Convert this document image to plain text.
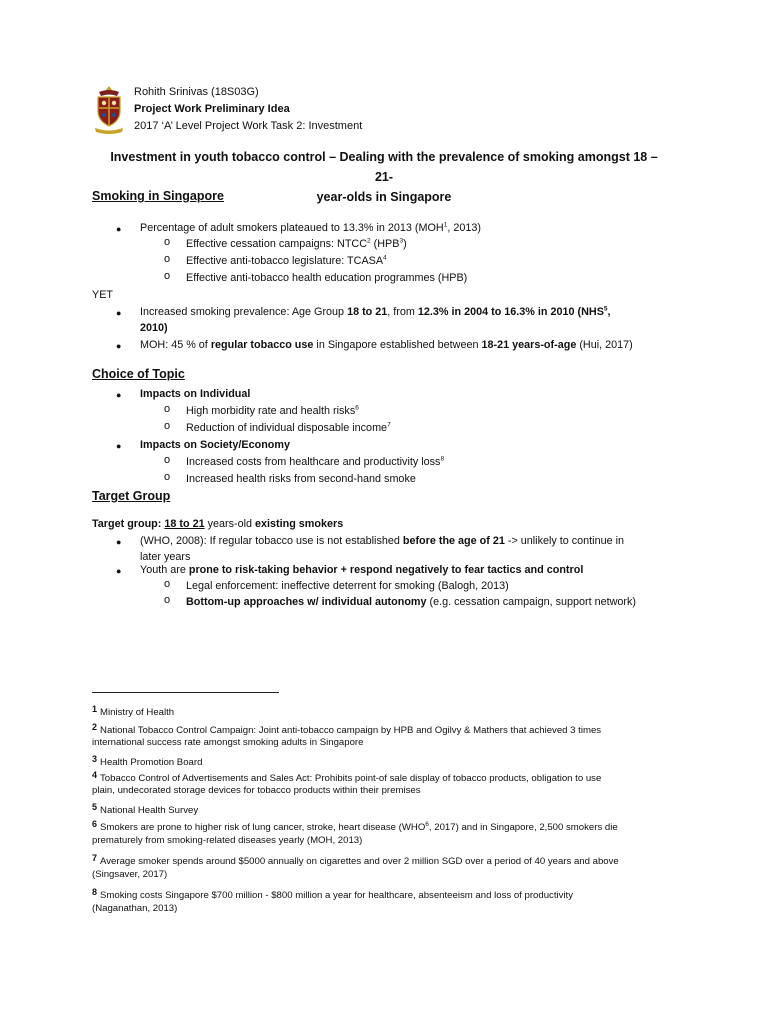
Rohith Srinivas (18S03G)
Project Work Preliminary Idea
2017 ‘A’ Level Project Work Task 2: Investment
Investment in youth tobacco control – Dealing with the prevalence of smoking amongst 18 – 21-
year-olds in Singapore
Smoking in Singapore
● Percentage of adult smokers plateaued to 13.3% in 2013 (MOH$^1$, 2013)
o Effective cessation campaigns: NTCC$^2$ (HPB$^3$)
o Effective anti-tobacco legislature: TCASA$^4$
o Effective anti-tobacco health education programmes (HPB)
YET
● Increased smoking prevalence: Age Group 18 to 21, from 12.3% in 2004 to 16.3% in 2010 (NHS$^5$,
2010)
● MOH: 45 % of regular tobacco use in Singapore established between 18-21 years-of-age (Hui, 2017)
Choice of Topic
● Impacts on Individual
o High morbidity rate and health risks$^6$
o Reduction of individual disposable income$^7$
● Impacts on Society/Economy
o Increased costs from healthcare and productivity loss$^8$
o Increased health risks from second-hand smoke
Target Group
Target group: 18 to 21 years-old existing smokers
● (WHO, 2008): If regular tobacco use is not established before the age of 21 -> unlikely to continue in
later years
● Youth are prone to risk-taking behavior + respond negatively to fear tactics and control
o Legal enforcement: ineffective deterrent for smoking (Balogh, 2013)
o Bottom-up approaches w/ individual autonomy (e.g. cessation campaign, support network)
1 Ministry of Health
2 National Tobacco Control Campaign: Joint anti-tobacco campaign by HPB and Ogilvy & Mathers that achieved 3 times
international success rate amongst smoking adults in Singapore
3 Health Promotion Board
4 Tobacco Control of Advertisements and Sales Act: Prohibits point-of sale display of tobacco products, obligation to use
plain, undecorated storage devices for tobacco products within their premises
5 National Health Survey
6 Smokers are prone to higher risk of lung cancer, stroke, heart disease (WHO$^6$, 2017) and in Singapore, 2,500 smokers die
prematurely from smoking-related diseases yearly (MOH, 2013)
7 Average smoker spends around $5000 annually on cigarettes and over 2 million SGD over a period of 40 years and above
(Singsaver, 2017)
8 Smoking costs Singapore $700 million - $800 million a year for healthcare, absenteeism and loss of productivity
(Naganathan, 2013)
